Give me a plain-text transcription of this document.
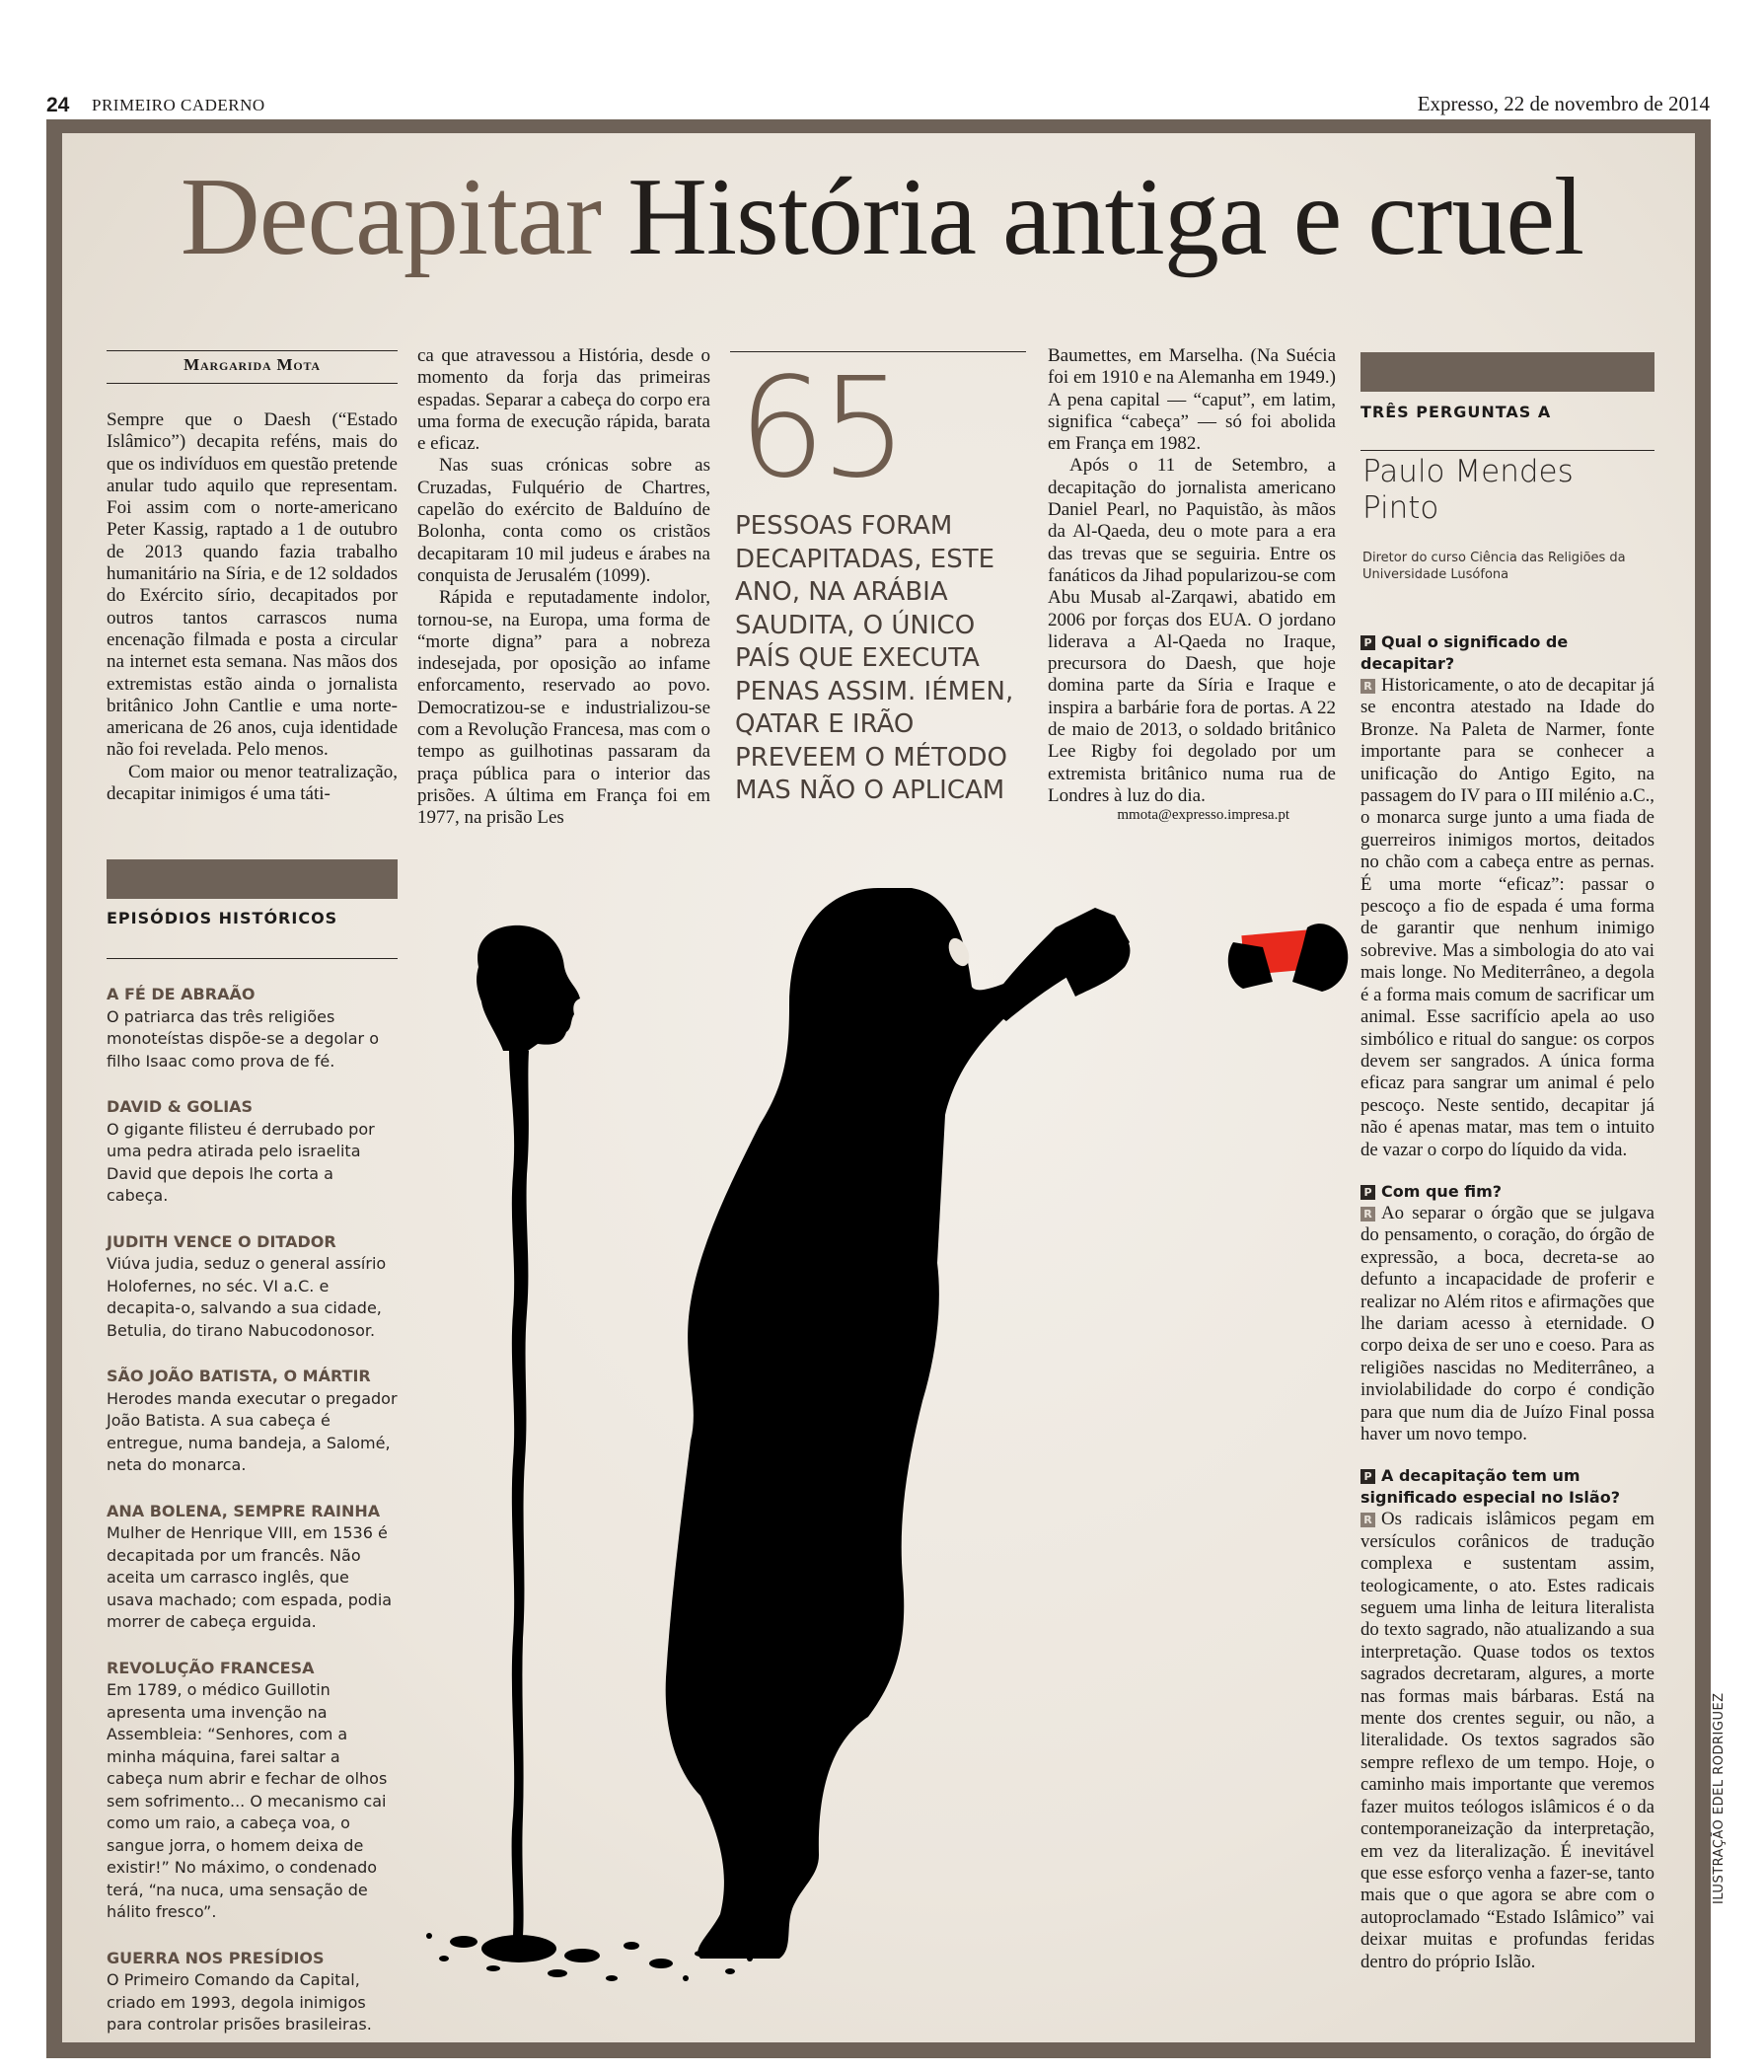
24 PRIMEIRO CADERNO	Expresso, 22 de novembro de 2014
Decapitar História antiga e cruel
Margarida Mota

Sempre que o Daesh (“Estado Islâmico”) decapita reféns, mais do que os indivíduos em questão pretende anular tudo aquilo que representam. Foi assim com o norte-americano Peter Kassig, raptado a 1 de outubro de 2013 quando fazia trabalho humanitário na Síria, e de 12 soldados do Exército sírio, decapitados por outros tantos carrascos numa encenação filmada e posta a circular na internet esta semana. Nas mãos dos extremistas estão ainda o jornalista britânico John Cantlie e uma norte-americana de 26 anos, cuja identidade não foi revelada. Pelo menos.

Com maior ou menor teatralização, decapitar inimigos é uma táti-

ca que atravessou a História, desde o momento da forja das primeiras espadas. Separar a cabeça do corpo era uma forma de execução rápida, barata e eficaz.

Nas suas crónicas sobre as Cruzadas, Fulquério de Chartres, capelão do exército de Balduíno de Bolonha, conta como os cristãos decapitaram 10 mil judeus e árabes na conquista de Jerusalém (1099).

Rápida e reputadamente indolor, tornou-se, na Europa, uma forma de “morte digna” para a nobreza indesejada, por oposição ao infame enforcamento, reservado ao povo. Democratizou-se e industrializou-se com a Revolução Francesa, mas com o tempo as guilhotinas passaram da praça pública para o interior das prisões. A última em França foi em 1977, na prisão Les

Baumettes, em Marselha. (Na Suécia foi em 1910 e na Alemanha em 1949.) A pena capital — “caput”, em latim, significa “cabeça” — só foi abolida em França em 1982.

Após o 11 de Setembro, a decapitação do jornalista americano Daniel Pearl, no Paquistão, às mãos da Al-Qaeda, deu o mote para a era das trevas que se seguiria. Entre os fanáticos da Jihad popularizou-se com Abu Musab al-Zarqawi, abatido em 2006 por forças dos EUA. O jordano liderava a Al-Qaeda no Iraque, precursora do Daesh, que hoje domina parte da Síria e Iraque e inspira a barbárie fora de portas. A 22 de maio de 2013, o soldado britânico Lee Rigby foi degolado por um extremista britânico numa rua de Londres à luz do dia.

mmota@expresso.impresa.pt
65
PESSOAS FORAM DECAPITADAS, ESTE ANO, NA ARÁBIA SAUDITA, O ÚNICO PAÍS QUE EXECUTA PENAS ASSIM. IÉMEN, QATAR E IRÃO PREVEEM O MÉTODO MAS NÃO O APLICAM
EPISÓDIOS HISTÓRICOS
A FÉ DE ABRAÃO
O patriarca das três religiões monoteístas dispõe-se a degolar o filho Isaac como prova de fé.
DAVID & GOLIAS
O gigante filisteu é derrubado por uma pedra atirada pelo israelita David que depois lhe corta a cabeça.
JUDITH VENCE O DITADOR
Viúva judia, seduz o general assírio Holofernes, no séc. VI a.C. e decapita-o, salvando a sua cidade, Betulia, do tirano Nabucodonosor.
SÃO JOÃO BATISTA, O MÁRTIR
Herodes manda executar o pregador João Batista. A sua cabeça é entregue, numa bandeja, a Salomé, neta do monarca.
ANA BOLENA, SEMPRE RAINHA
Mulher de Henrique VIII, em 1536 é decapitada por um francês. Não aceita um carrasco inglês, que usava machado; com espada, podia morrer de cabeça erguida.
REVOLUÇÃO FRANCESA
Em 1789, o médico Guillotin apresenta uma invenção na Assembleia: “Senhores, com a minha máquina, farei saltar a cabeça num abrir e fechar de olhos sem sofrimento... O mecanismo cai como um raio, a cabeça voa, o sangue jorra, o homem deixa de existir!” No máximo, o condenado terá, “na nuca, uma sensação de hálito fresco”.
GUERRA NOS PRESÍDIOS
O Primeiro Comando da Capital, criado em 1993, degola inimigos para controlar prisões brasileiras.
TRÊS PERGUNTAS A
Paulo Mendes Pinto
Diretor do curso Ciência das Religiões da Universidade Lusófona
P Qual o significado de decapitar?
R Historicamente, o ato de decapitar já se encontra atestado na Idade do Bronze. Na Paleta de Narmer, fonte importante para se conhecer a unificação do Antigo Egito, na passagem do IV para o III milénio a.C., o monarca surge junto a uma fiada de guerreiros inimigos mortos, deitados no chão com a cabeça entre as pernas. É uma morte “eficaz”: passar o pescoço a fio de espada é uma forma de garantir que nenhum inimigo sobrevive. Mas a simbologia do ato vai mais longe. No Mediterrâneo, a degola é a forma mais comum de sacrificar um animal. Esse sacrifício apela ao uso simbólico e ritual do sangue: os corpos devem ser sangrados. A única forma eficaz para sangrar um animal é pelo pescoço. Neste sentido, decapitar já não é apenas matar, mas tem o intuito de vazar o corpo do líquido da vida.
P Com que fim?
R Ao separar o órgão que se julgava do pensamento, o coração, do órgão de expressão, a boca, decreta-se ao defunto a incapacidade de proferir e realizar no Além ritos e afirmações que lhe dariam acesso à eternidade. O corpo deixa de ser uno e coeso. Para as religiões nascidas no Mediterrâneo, a inviolabilidade do corpo é condição para que num dia de Juízo Final possa haver um novo tempo.
P A decapitação tem um significado especial no Islão?
R Os radicais islâmicos pegam em versículos corânicos de tradução complexa e sustentam assim, teologicamente, o ato. Estes radicais seguem uma linha de leitura literalista do texto sagrado, não atualizando a sua interpretação. Quase todos os textos sagrados decretaram, algures, a morte nas formas mais bárbaras. Está na mente dos crentes seguir, ou não, a literalidade. Os textos sagrados são sempre reflexo de um tempo. Hoje, o caminho mais importante que veremos fazer muitos teólogos islâmicos é o da contemporaneização da interpretação, em vez da literalização. É inevitável que esse esforço venha a fazer-se, tanto mais que o que agora se abre com o autoproclamado “Estado Islâmico” vai deixar muitas e profundas feridas dentro do próprio Islão.
ILUSTRAÇÃO EDEL RODRIGUEZ
